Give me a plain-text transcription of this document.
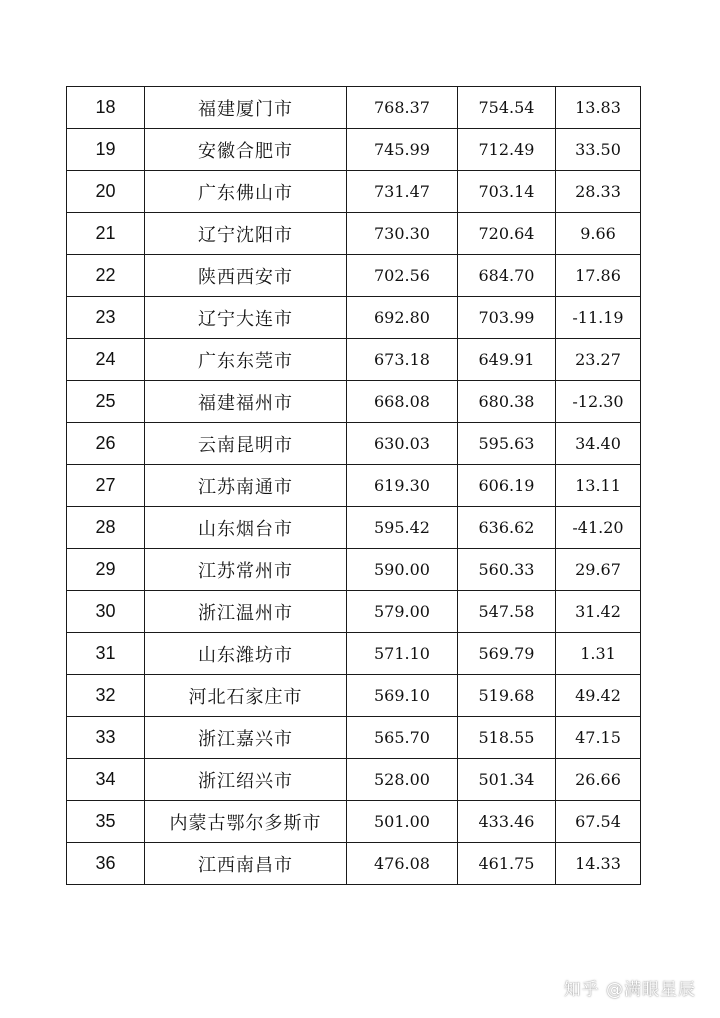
18	福建厦门市	768.37	754.54	13.83
19	安徽合肥市	745.99	712.49	33.50
20	广东佛山市	731.47	703.14	28.33
21	辽宁沈阳市	730.30	720.64	9.66
22	陕西西安市	702.56	684.70	17.86
23	辽宁大连市	692.80	703.99	-11.19
24	广东东莞市	673.18	649.91	23.27
25	福建福州市	668.08	680.38	-12.30
26	云南昆明市	630.03	595.63	34.40
27	江苏南通市	619.30	606.19	13.11
28	山东烟台市	595.42	636.62	-41.20
29	江苏常州市	590.00	560.33	29.67
30	浙江温州市	579.00	547.58	31.42
31	山东潍坊市	571.10	569.79	1.31
32	河北石家庄市	569.10	519.68	49.42
33	浙江嘉兴市	565.70	518.55	47.15
34	浙江绍兴市	528.00	501.34	26.66
35	内蒙古鄂尔多斯市	501.00	433.46	67.54
36	江西南昌市	476.08	461.75	14.33
知乎 @满眼星辰
